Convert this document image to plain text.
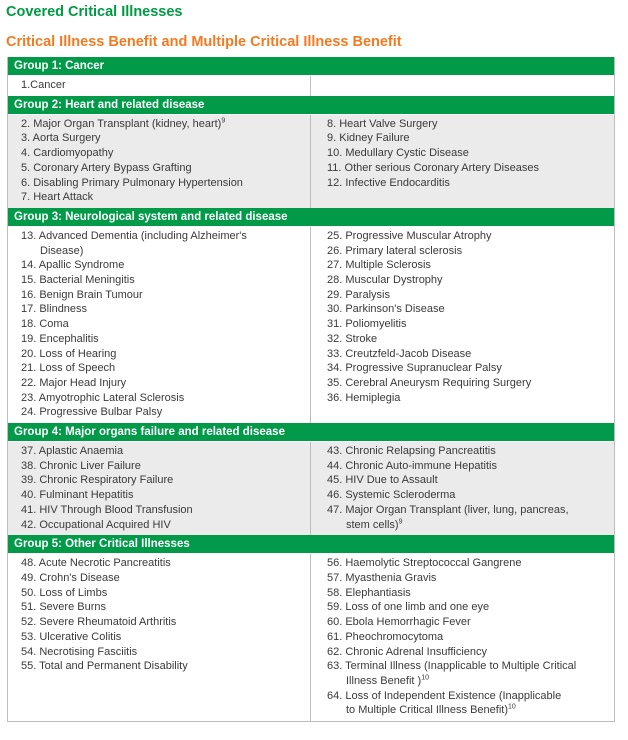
Covered Critical Illnesses
Critical Illness Benefit and Multiple Critical Illness Benefit
Group 1: Cancer
1.Cancer
Group 2: Heart and related disease
2. Major Organ Transplant (kidney, heart)$^9$
3. Aorta Surgery
4. Cardiomyopathy
5. Coronary Artery Bypass Grafting
6. Disabling Primary Pulmonary Hypertension
7. Heart Attack
8. Heart Valve Surgery
9. Kidney Failure
10. Medullary Cystic Disease
11. Other serious Coronary Artery Diseases
12. Infective Endocarditis
Group 3: Neurological system and related disease
13. Advanced Dementia (including Alzheimer's
Disease)
14. Apallic Syndrome
15. Bacterial Meningitis
16. Benign Brain Tumour
17. Blindness
18. Coma
19. Encephalitis
20. Loss of Hearing
21. Loss of Speech
22. Major Head Injury
23. Amyotrophic Lateral Sclerosis
24. Progressive Bulbar Palsy
25. Progressive Muscular Atrophy
26. Primary lateral sclerosis
27. Multiple Sclerosis
28. Muscular Dystrophy
29. Paralysis
30. Parkinson's Disease
31. Poliomyelitis
32. Stroke
33. Creutzfeld-Jacob Disease
34. Progressive Supranuclear Palsy
35. Cerebral Aneurysm Requiring Surgery
36. Hemiplegia
Group 4: Major organs failure and related disease
37. Aplastic Anaemia
38. Chronic Liver Failure
39. Chronic Respiratory Failure
40. Fulminant Hepatitis
41. HIV Through Blood Transfusion
42. Occupational Acquired HIV
43. Chronic Relapsing Pancreatitis
44. Chronic Auto-immune Hepatitis
45. HIV Due to Assault
46. Systemic Scleroderma
47. Major Organ Transplant (liver, lung, pancreas,
stem cells)$^9$
Group 5: Other Critical Illnesses
48. Acute Necrotic Pancreatitis
49. Crohn's Disease
50. Loss of Limbs
51. Severe Burns
52. Severe Rheumatoid Arthritis
53. Ulcerative Colitis
54. Necrotising Fasciitis
55. Total and Permanent Disability
56. Haemolytic Streptococcal Gangrene
57. Myasthenia Gravis
58. Elephantiasis
59. Loss of one limb and one eye
60. Ebola Hemorrhagic Fever
61. Pheochromocytoma
62. Chronic Adrenal Insufficiency
63. Terminal Illness (Inapplicable to Multiple Critical
Illness Benefit )$^{10}$
64. Loss of Independent Existence (Inapplicable
to Multiple Critical Illness Benefit)$^{10}$
